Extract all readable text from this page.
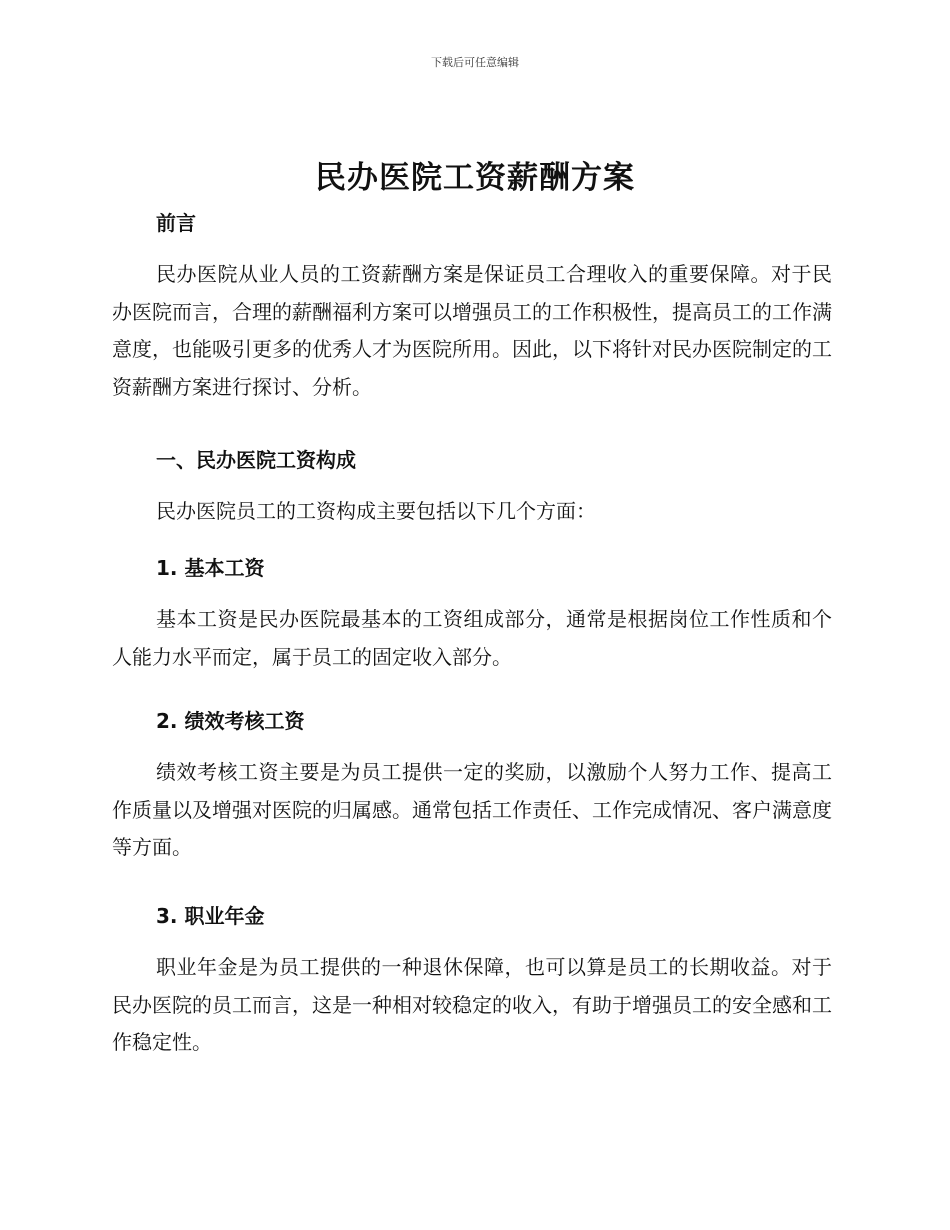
下载后可任意编辑
民办医院工资薪酬方案
前言

民办医院从业人员的工资薪酬方案是保证员工合理收入的重要保障。对于民办医院而言，合理的薪酬福利方案可以增强员工的工作积极性，提高员工的工作满意度，也能吸引更多的优秀人才为医院所用。因此，以下将针对民办医院制定的工资薪酬方案进行探讨、分析。

一、民办医院工资构成

民办医院员工的工资构成主要包括以下几个方面：

1. 基本工资

基本工资是民办医院最基本的工资组成部分，通常是根据岗位工作性质和个人能力水平而定，属于员工的固定收入部分。

2. 绩效考核工资

绩效考核工资主要是为员工提供一定的奖励，以激励个人努力工作、提高工作质量以及增强对医院的归属感。通常包括工作责任、工作完成情况、客户满意度等方面。

3. 职业年金

职业年金是为员工提供的一种退休保障，也可以算是员工的长期收益。对于民办医院的员工而言，这是一种相对较稳定的收入，有助于增强员工的安全感和工作稳定性。
